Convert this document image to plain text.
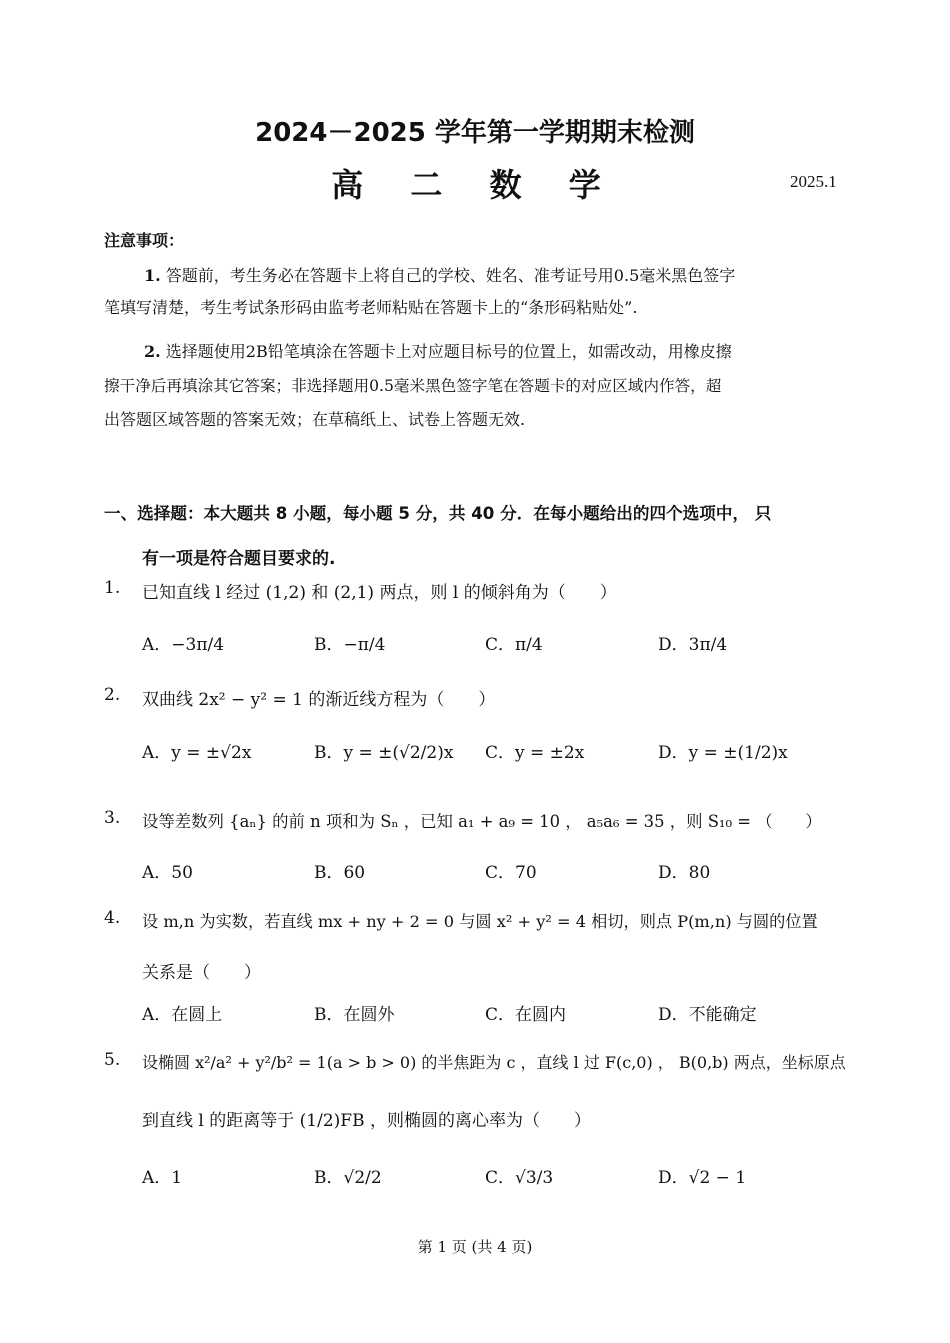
2024－2025 学年第一学期期末检测
高 二 数 学	2025.1
注意事项：
1. 答题前，考生务必在答题卡上将自己的学校、姓名、准考证号用0.5毫米黑色签字
笔填写清楚，考生考试条形码由监考老师粘贴在答题卡上的“条形码粘贴处”.
2. 选择题使用2B铅笔填涂在答题卡上对应题目标号的位置上，如需改动，用橡皮擦
擦干净后再填涂其它答案；非选择题用0.5毫米黑色签字笔在答题卡的对应区域内作答，超
出答题区域答题的答案无效；在草稿纸上、试卷上答题无效.
一、选择题：本大题共 8 小题，每小题 5 分，共 40 分．在每小题给出的四个选项中， 只
有一项是符合题目要求的.
1. 已知直线 l 经过 (1,2) 和 (2,1) 两点，则 l 的倾斜角为（　　）
A．−3π/4	B．−π/4	C．π/4	D．3π/4
2. 双曲线 2x² − y² = 1 的渐近线方程为（　　）
A．y = ±√2x	B．y = ±(√2/2)x C．y = ±2x	D．y = ±(1/2)x
3. 设等差数列 {aₙ} 的前 n 项和为 Sₙ ，已知 a₁ + a₉ = 10 ， a₅a₆ = 35 ，则 S₁₀ = （　　）
A．50	B．60	C．70	D．80
4. 设 m,n 为实数，若直线 mx + ny + 2 = 0 与圆 x² + y² = 4 相切，则点 P(m,n) 与圆的位置
关系是（　　）
A．在圆上	B．在圆外	C．在圆内	D．不能确定
5. 设椭圆 x²/a² + y²/b² = 1(a > b > 0) 的半焦距为 c ，直线 l 过 F(c,0) ， B(0,b) 两点，坐标原点
到直线 l 的距离等于 (1/2)FB ，则椭圆的离心率为（　　）
A．1	B．√2/2	C．√3/3	D．√2 − 1
第 1 页 (共 4 页)
